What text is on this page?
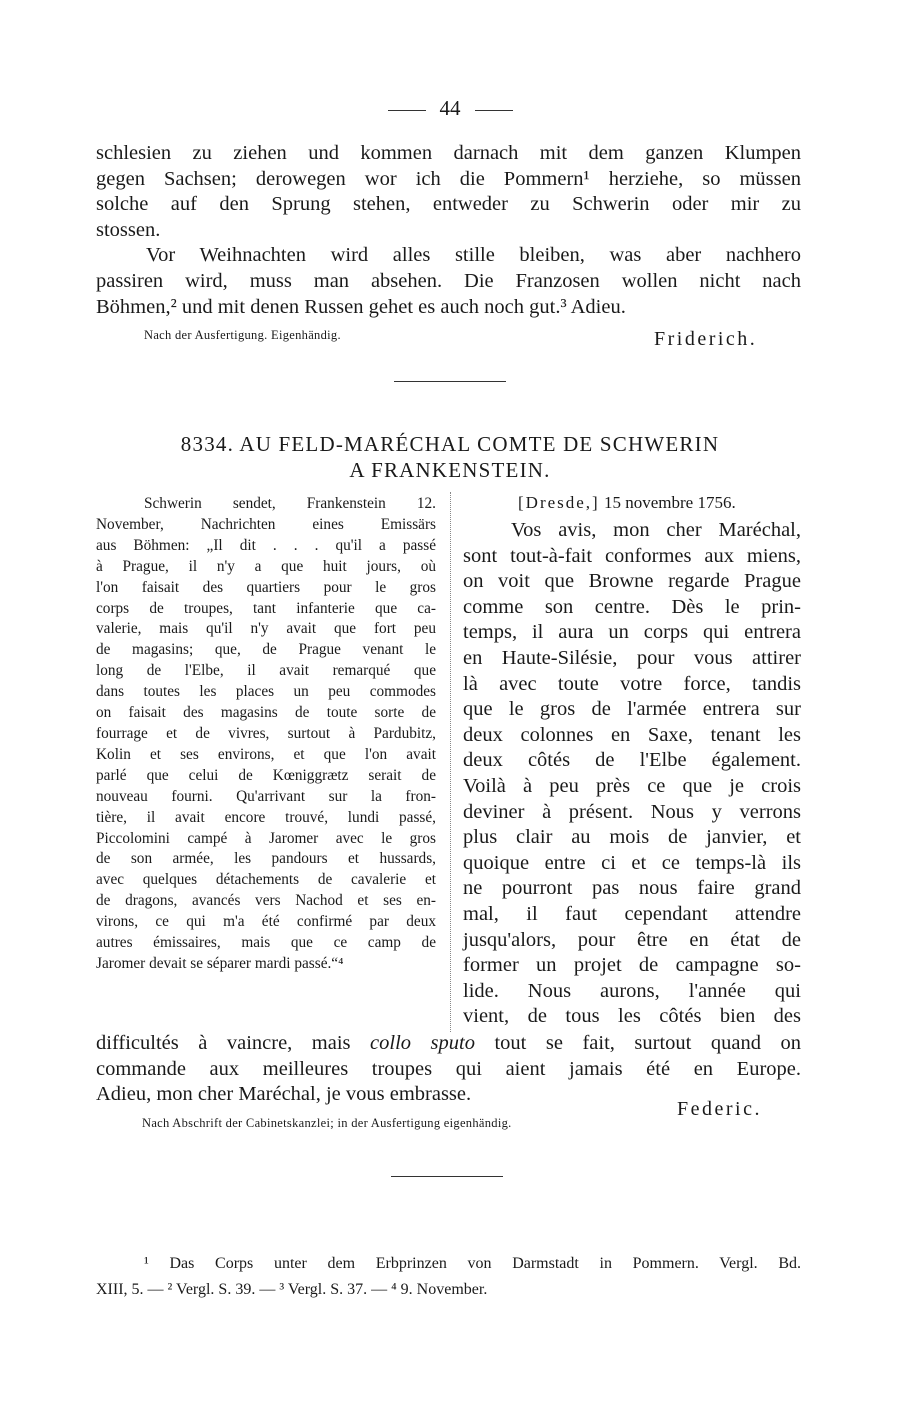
44
schlesien zu ziehen und kommen darnach mit dem ganzen Klumpen
gegen Sachsen; derowegen wor ich die Pommern¹ herziehe, so müssen
solche auf den Sprung stehen, entweder zu Schwerin oder mir zu
stossen.
Vor Weihnachten wird alles stille bleiben, was aber nachhero
passiren wird, muss man absehen. Die Franzosen wollen nicht nach
Böhmen,² und mit denen Russen gehet es auch noch gut.³ Adieu.
Nach der Ausfertigung. Eigenhändig.	Friderich.
8334. AU FELD-MARÉCHAL COMTE DE SCHWERIN
A FRANKENSTEIN.
Schwerin sendet, Frankenstein 12.
November, Nachrichten eines Emissärs
aus Böhmen: „Il dit . . . qu'il a passé
à Prague, il n'y a que huit jours, où
l'on faisait des quartiers pour le gros
corps de troupes, tant infanterie que ca-
valerie, mais qu'il n'y avait que fort peu
de magasins; que, de Prague venant le
long de l'Elbe, il avait remarqué que
dans toutes les places un peu commodes
on faisait des magasins de toute sorte de
fourrage et de vivres, surtout à Pardubitz,
Kolin et ses environs, et que l'on avait
parlé que celui de Kœniggrætz serait de
nouveau fourni. Qu'arrivant sur la fron-
tière, il avait encore trouvé, lundi passé,
Piccolomini campé à Jaromer avec le gros
de son armée, les pandours et hussards,
avec quelques détachements de cavalerie et
de dragons, avancés vers Nachod et ses en-
virons, ce qui m'a été confirmé par deux
autres émissaires, mais que ce camp de
Jaromer devait se séparer mardi passé.“⁴
[Dresde,] 15 novembre 1756.
Vos avis, mon cher Maréchal,
sont tout-à-fait conformes aux miens,
on voit que Browne regarde Prague
comme son centre. Dès le prin-
temps, il aura un corps qui entrera
en Haute-Silésie, pour vous attirer
là avec toute votre force, tandis
que le gros de l'armée entrera sur
deux colonnes en Saxe, tenant les
deux côtés de l'Elbe également.
Voilà à peu près ce que je crois
deviner à présent. Nous y verrons
plus clair au mois de janvier, et
quoique entre ci et ce temps-là ils
ne pourront pas nous faire grand
mal, il faut cependant attendre
jusqu'alors, pour être en état de
former un projet de campagne so-
lide. Nous aurons, l'année qui
vient, de tous les côtés bien des
difficultés à vaincre, mais collo sputo tout se fait, surtout quand on
commande aux meilleures troupes qui aient jamais été en Europe.
Adieu, mon cher Maréchal, je vous embrasse.
Federic.
Nach Abschrift der Cabinetskanzlei; in der Ausfertigung eigenhändig.
¹ Das Corps unter dem Erbprinzen von Darmstadt in Pommern. Vergl. Bd.
XIII, 5. — ² Vergl. S. 39. — ³ Vergl. S. 37. — ⁴ 9. November.
